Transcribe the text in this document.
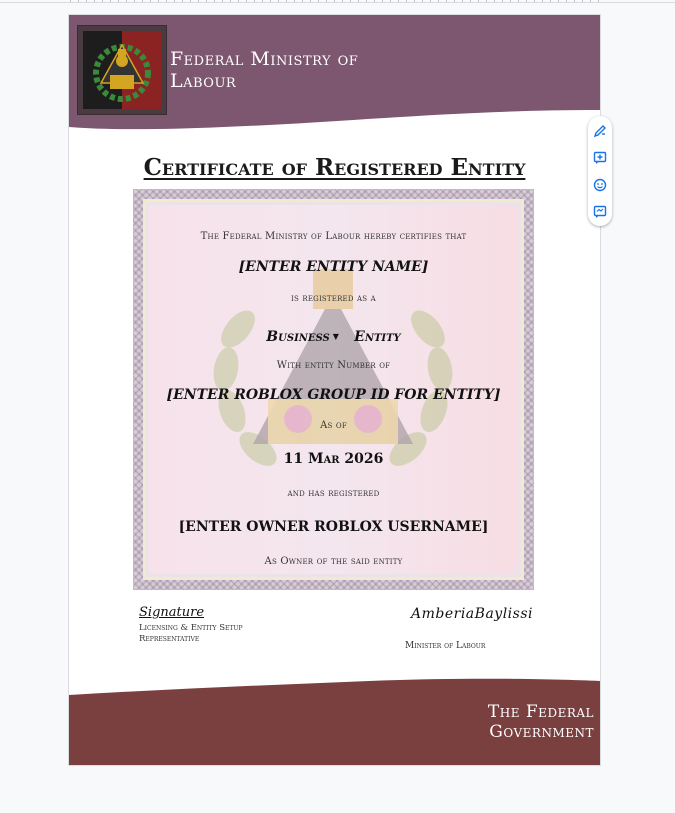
Federal Ministry of
Labour
Certificate of Registered Entity
The Federal Ministry of Labour hereby certifies that
[ENTER ENTITY NAME]
is registered as a
Business ▼ Entity
With entity Number of
[ENTER ROBLOX GROUP ID FOR ENTITY]
As of
11 Mar 2026
and has registered
[ENTER OWNER ROBLOX USERNAME]
As Owner of the said entity
Signature
Licensing & Entity Setup
Representative
AmberiaBaylissi
Minister of Labour
The Federal
Government
